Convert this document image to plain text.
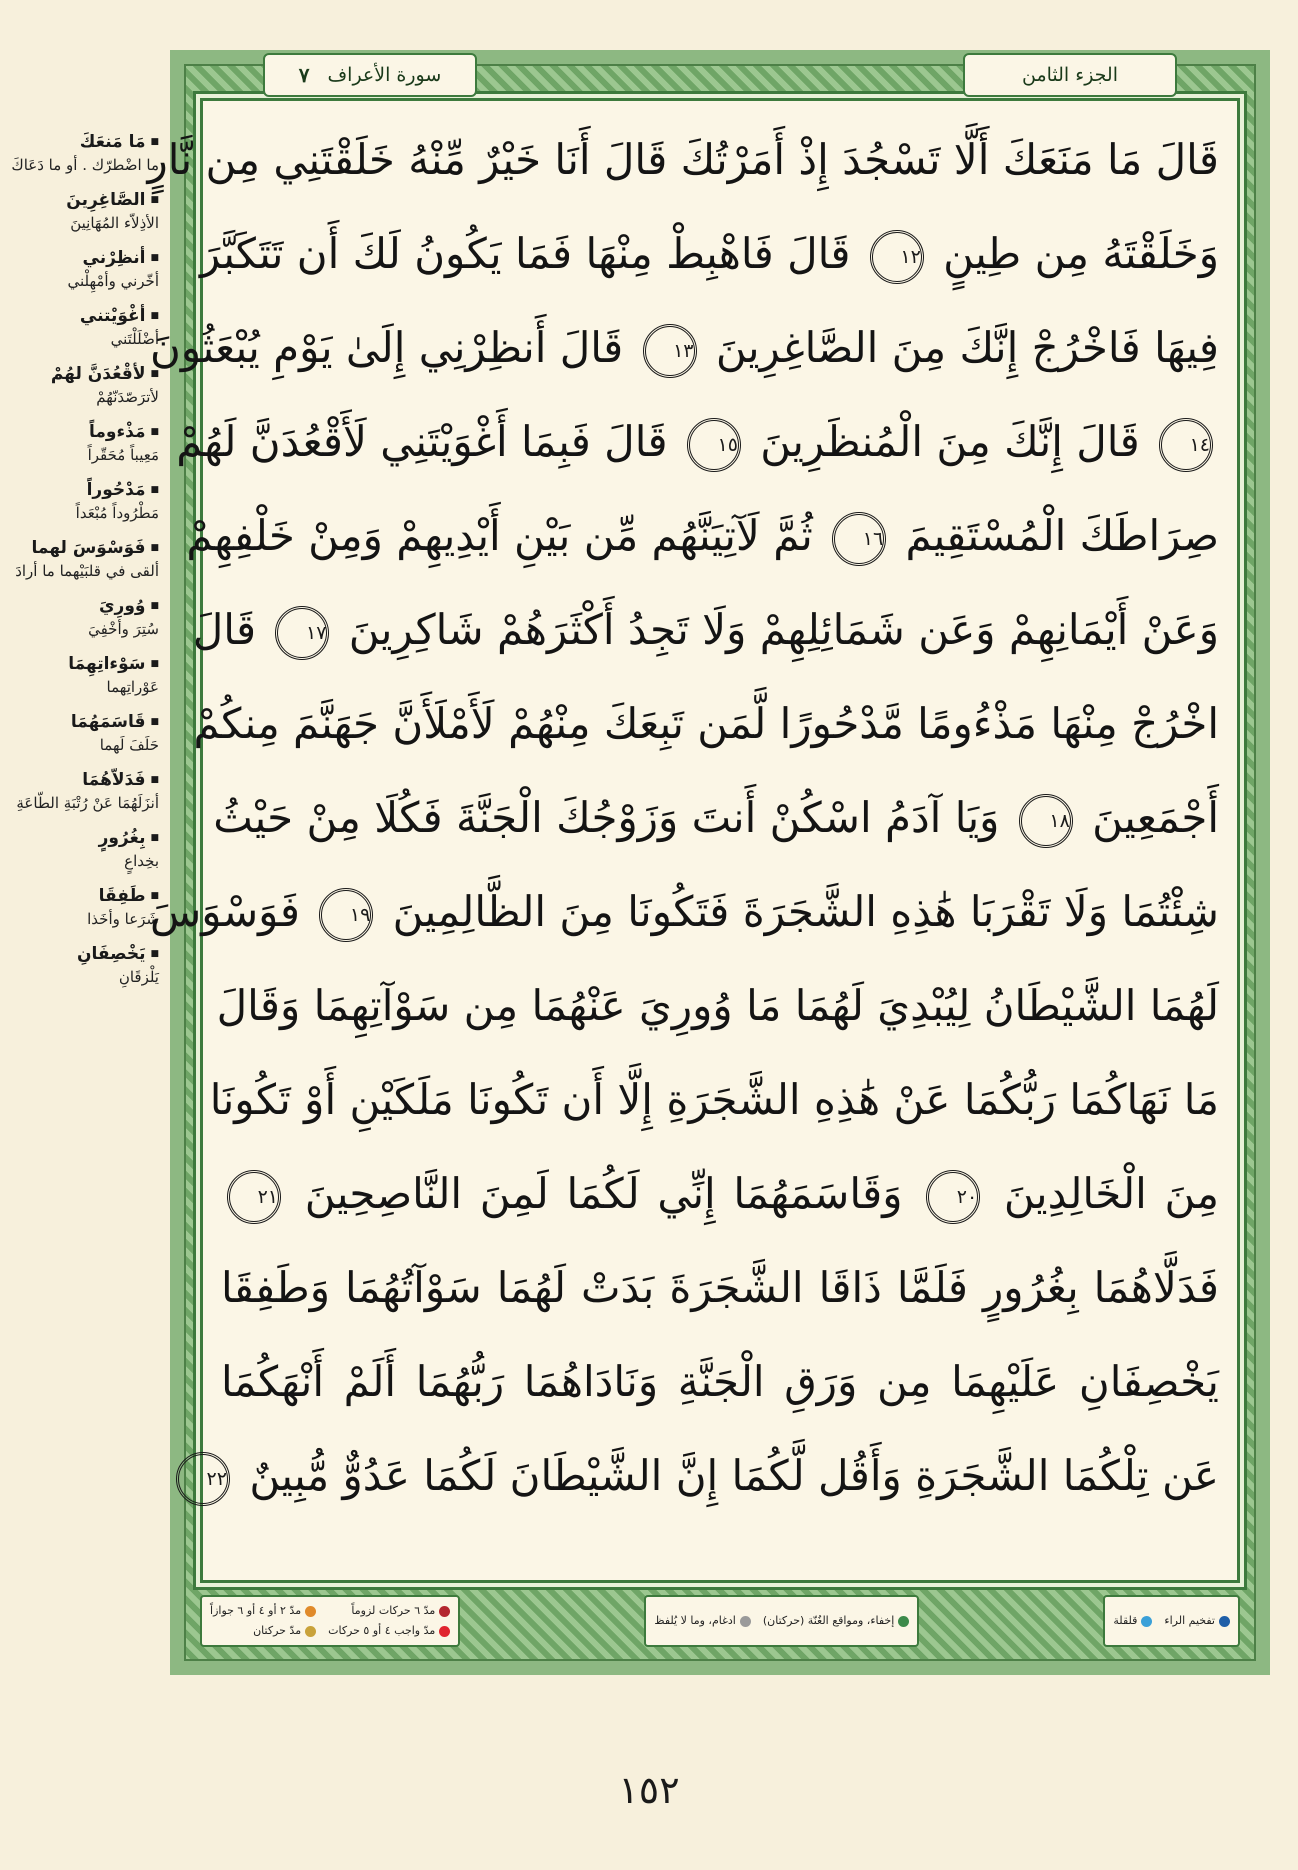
■ مَا مَنعَكَ
ما اضْطرّك . أو ما دَعَاكَ
■ الصَّاغِرِينَ
الأذِلاّء المُهَانِينَ
■ أنظِرْني
أخّرني وأمْهِلْني
■ أغْوَيْتني
أضْلَلْتَني
■ لأقْعُدَنَّ لهُمْ
لأترَصّدَنّهُمْ
■ مَذْءوماً
مَعِيباً مُحَقّراً
■ مَدْحُوراً
مَطْرُوداً مُبْعَداً
■ فَوَسْوَسَ لهما
ألقى في قلبَيْهما ما أرادَ
■ وُورِيَ
سُتِرَ وأخْفِيَ
■ سَوْءاتِهِمَا
عَوْراتِهما
■ قَاسَمَهُمَا
حَلَفَ لَهما
■ فَدَلاّهُمَا
أنزَلَهُمَا عَنْ رُتْبَةِ الطّاعَةِ
■ بِغُرُورٍ
بخِداعٍ
■ طَفِقَا
شَرَعا وأخَذا
■ يَخْصِفَانِ
يَلْزقَانِ
الجزء الثامن
سورة الأعراف
٧
قَالَ مَا مَنَعَكَ أَلَّا تَسْجُدَ إِذْ أَمَرْتُكَ قَالَ أَنَا خَيْرٌ مِّنْهُ خَلَقْتَنِي مِن نَّارٍ
وَخَلَقْتَهُ مِن طِينٍ ١٢ قَالَ فَاهْبِطْ مِنْهَا فَمَا يَكُونُ لَكَ أَن تَتَكَبَّرَ
فِيهَا فَاخْرُجْ إِنَّكَ مِنَ الصَّاغِرِينَ ١٣ قَالَ أَنظِرْنِي إِلَىٰ يَوْمِ يُبْعَثُونَ
١٤ قَالَ إِنَّكَ مِنَ الْمُنظَرِينَ ١٥ قَالَ فَبِمَا أَغْوَيْتَنِي لَأَقْعُدَنَّ لَهُمْ
صِرَاطَكَ الْمُسْتَقِيمَ ١٦ ثُمَّ لَآتِيَنَّهُم مِّن بَيْنِ أَيْدِيهِمْ وَمِنْ خَلْفِهِمْ
وَعَنْ أَيْمَانِهِمْ وَعَن شَمَائِلِهِمْ وَلَا تَجِدُ أَكْثَرَهُمْ شَاكِرِينَ ١٧ قَالَ
اخْرُجْ مِنْهَا مَذْءُومًا مَّدْحُورًا لَّمَن تَبِعَكَ مِنْهُمْ لَأَمْلَأَنَّ جَهَنَّمَ مِنكُمْ
أَجْمَعِينَ ١٨ وَيَا آدَمُ اسْكُنْ أَنتَ وَزَوْجُكَ الْجَنَّةَ فَكُلَا مِنْ حَيْثُ
شِئْتُمَا وَلَا تَقْرَبَا هَٰذِهِ الشَّجَرَةَ فَتَكُونَا مِنَ الظَّالِمِينَ ١٩ فَوَسْوَسَ
لَهُمَا الشَّيْطَانُ لِيُبْدِيَ لَهُمَا مَا وُورِيَ عَنْهُمَا مِن سَوْآتِهِمَا وَقَالَ
مَا نَهَاكُمَا رَبُّكُمَا عَنْ هَٰذِهِ الشَّجَرَةِ إِلَّا أَن تَكُونَا مَلَكَيْنِ أَوْ تَكُونَا
مِنَ الْخَالِدِينَ ٢٠ وَقَاسَمَهُمَا إِنِّي لَكُمَا لَمِنَ النَّاصِحِينَ ٢١
فَدَلَّاهُمَا بِغُرُورٍ فَلَمَّا ذَاقَا الشَّجَرَةَ بَدَتْ لَهُمَا سَوْآتُهُمَا وَطَفِقَا
يَخْصِفَانِ عَلَيْهِمَا مِن وَرَقِ الْجَنَّةِ وَنَادَاهُمَا رَبُّهُمَا أَلَمْ أَنْهَكُمَا
عَن تِلْكُمَا الشَّجَرَةِ وَأَقُل لَّكُمَا إِنَّ الشَّيْطَانَ لَكُمَا عَدُوٌّ مُّبِينٌ ٢٢
مدّ ٦ حركات لزوماً
مدّ ٢ أو ٤ أو ٦ جوازاً
مدّ واجب ٤ أو ٥ حركات
مدّ حركتان
إخفاء، ومواقع الغُنّة (حركتان)
ادغام، وما لا يُلفظ	تفخيم الراء
قلقلة
١٥٢
